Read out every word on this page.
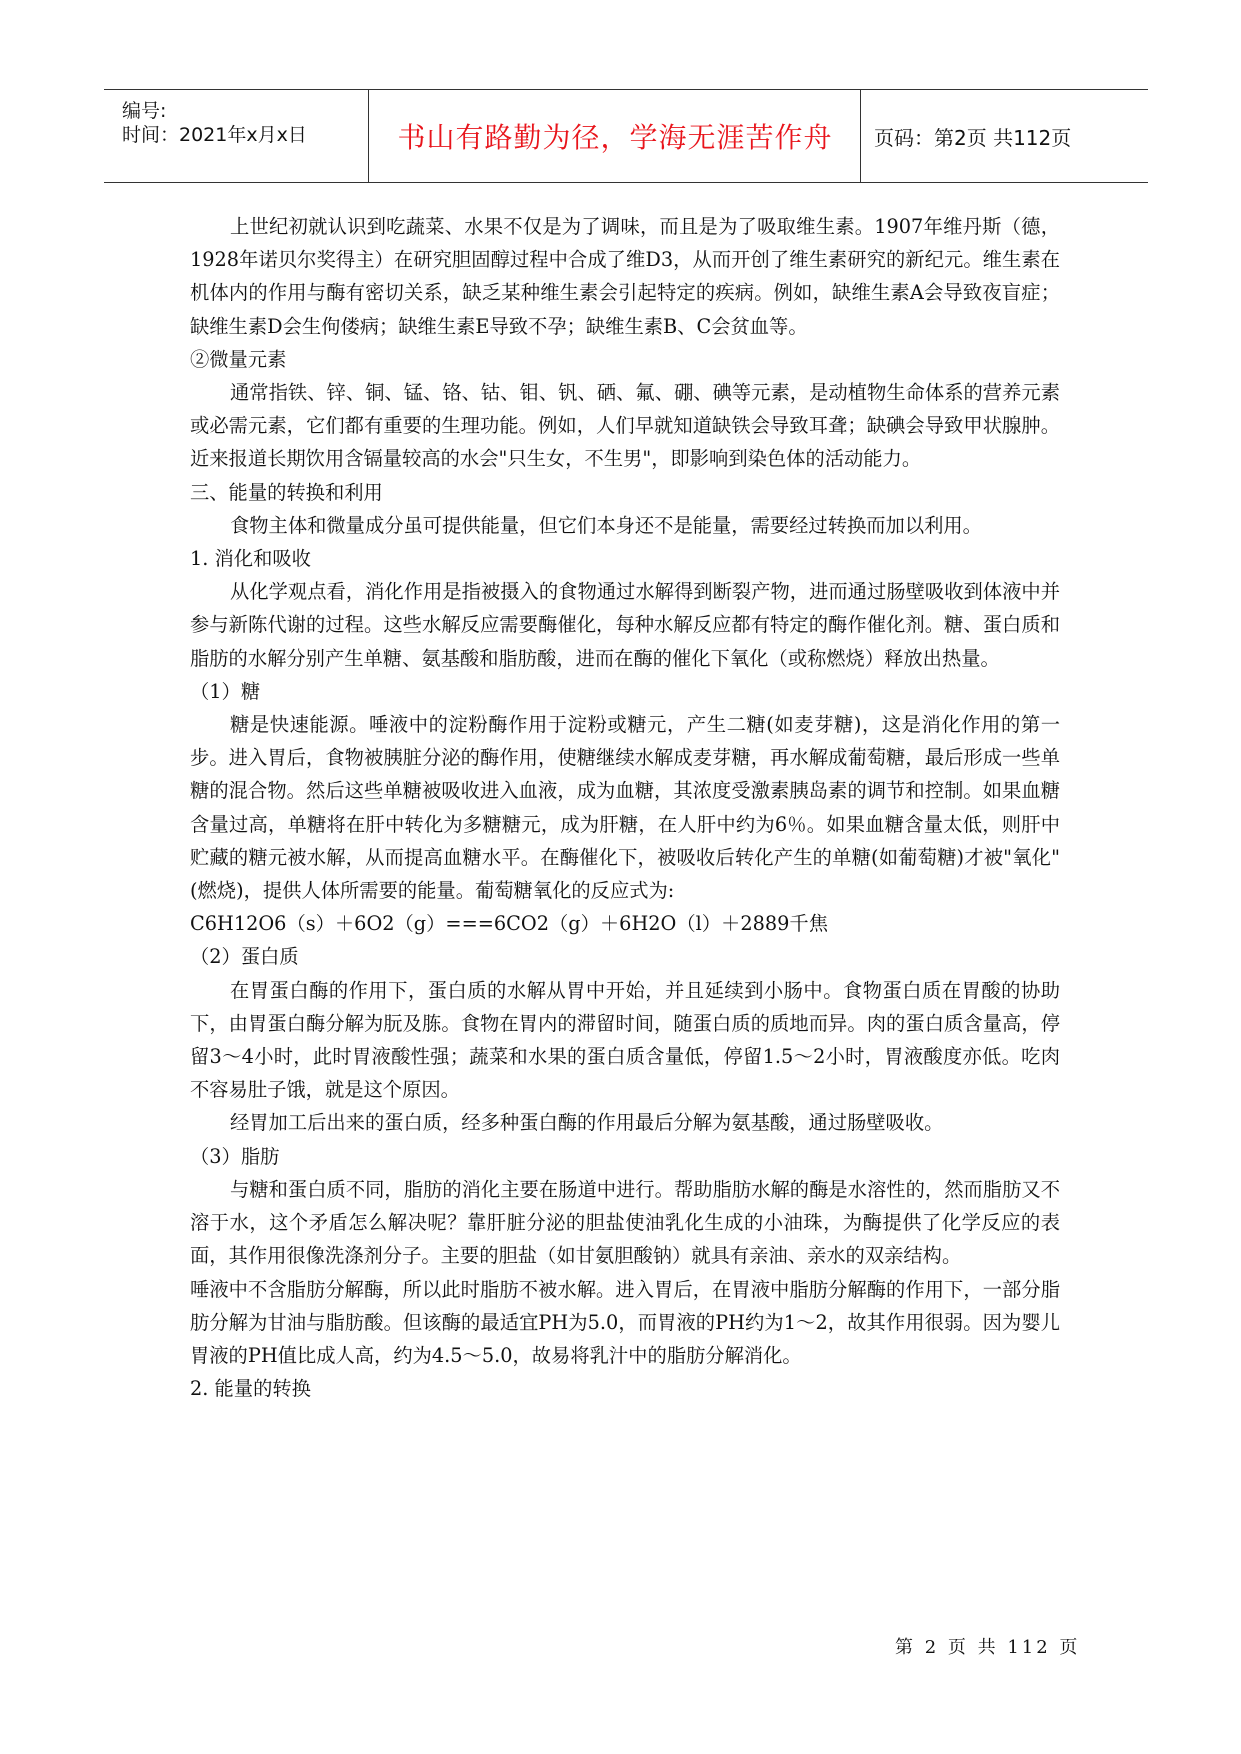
编号:
时间：2021年x月x日	书山有路勤为径，学海无涯苦作舟	页码：第2页 共112页

上世纪初就认识到吃蔬菜、水果不仅是为了调味，而且是为了吸取维生素。1907年维丹斯（德，1928年诺贝尔奖得主）在研究胆固醇过程中合成了维D3，从而开创了维生素研究的新纪元。维生素在机体内的作用与酶有密切关系，缺乏某种维生素会引起特定的疾病。例如，缺维生素A会导致夜盲症；缺维生素D会生佝偻病；缺维生素E导致不孕；缺维生素B、C会贫血等。

②微量元素

通常指铁、锌、铜、锰、铬、钴、钼、钒、硒、氟、硼、碘等元素，是动植物生命体系的营养元素或必需元素，它们都有重要的生理功能。例如，人们早就知道缺铁会导致耳聋；缺碘会导致甲状腺肿。近来报道长期饮用含镉量较高的水会"只生女，不生男"，即影响到染色体的活动能力。

三、能量的转换和利用

食物主体和微量成分虽可提供能量，但它们本身还不是能量，需要经过转换而加以利用。

1. 消化和吸收

从化学观点看，消化作用是指被摄入的食物通过水解得到断裂产物，进而通过肠壁吸收到体液中并参与新陈代谢的过程。这些水解反应需要酶催化，每种水解反应都有特定的酶作催化剂。糖、蛋白质和脂肪的水解分别产生单糖、氨基酸和脂肪酸，进而在酶的催化下氧化（或称燃烧）释放出热量。

（1）糖

糖是快速能源。唾液中的淀粉酶作用于淀粉或糖元，产生二糖(如麦芽糖)，这是消化作用的第一步。进入胃后，食物被胰脏分泌的酶作用，使糖继续水解成麦芽糖，再水解成葡萄糖，最后形成一些单糖的混合物。然后这些单糖被吸收进入血液，成为血糖，其浓度受激素胰岛素的调节和控制。如果血糖含量过高，单糖将在肝中转化为多糖糖元，成为肝糖，在人肝中约为6％。如果血糖含量太低，则肝中贮藏的糖元被水解，从而提高血糖水平。在酶催化下，被吸收后转化产生的单糖(如葡萄糖)才被"氧化"(燃烧)，提供人体所需要的能量。葡萄糖氧化的反应式为:

C6H12O6（s）＋6O2（g）===6CO2（g）＋6H2O（l）＋2889千焦

（2）蛋白质

在胃蛋白酶的作用下，蛋白质的水解从胃中开始，并且延续到小肠中。食物蛋白质在胃酸的协助下，由胃蛋白酶分解为朊及胨。食物在胃内的滞留时间，随蛋白质的质地而异。肉的蛋白质含量高，停留3～4小时，此时胃液酸性强；蔬菜和水果的蛋白质含量低，停留1.5～2小时，胃液酸度亦低。吃肉不容易肚子饿，就是这个原因。

经胃加工后出来的蛋白质，经多种蛋白酶的作用最后分解为氨基酸，通过肠壁吸收。

（3）脂肪

与糖和蛋白质不同，脂肪的消化主要在肠道中进行。帮助脂肪水解的酶是水溶性的，然而脂肪又不溶于水，这个矛盾怎么解决呢？靠肝脏分泌的胆盐使油乳化生成的小油珠，为酶提供了化学反应的表面，其作用很像洗涤剂分子。主要的胆盐（如甘氨胆酸钠）就具有亲油、亲水的双亲结构。

唾液中不含脂肪分解酶，所以此时脂肪不被水解。进入胃后，在胃液中脂肪分解酶的作用下，一部分脂肪分解为甘油与脂肪酸。但该酶的最适宜PH为5.0，而胃液的PH约为1～2，故其作用很弱。因为婴儿胃液的PH值比成人高，约为4.5～5.0，故易将乳汁中的脂肪分解消化。

2. 能量的转换

第 2 页 共 112 页
